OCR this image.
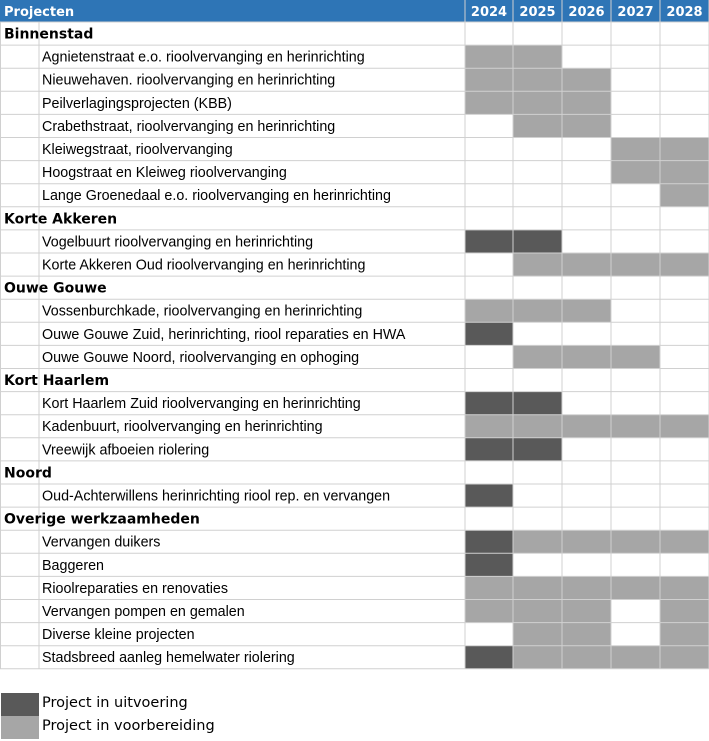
Projecten	2024 2025 2026 2027 2028
Binnenstad
Agnietenstraat e.o. rioolvervanging en herinrichting
Nieuwehaven. rioolvervanging en herinrichting
Peilverlagingsprojecten (KBB)
Crabethstraat, rioolvervanging en herinrichting
Kleiwegstraat, rioolvervanging
Hoogstraat en Kleiweg rioolvervanging
Lange Groenedaal e.o. rioolvervanging en herinrichting
Korte Akkeren
Vogelbuurt rioolvervanging en herinrichting
Korte Akkeren Oud rioolvervanging en herinrichting
Ouwe Gouwe
Vossenburchkade, rioolvervanging en herinrichting
Ouwe Gouwe Zuid, herinrichting, riool reparaties en HWA
Ouwe Gouwe Noord, rioolvervanging en ophoging
Kort Haarlem
Kort Haarlem Zuid rioolvervanging en herinrichting
Kadenbuurt, rioolvervanging en herinrichting
Vreewijk afboeien riolering
Noord
Oud-Achterwillens herinrichting riool rep. en vervangen
Overige werkzaamheden
Vervangen duikers
Baggeren
Rioolreparaties en renovaties
Vervangen pompen en gemalen
Diverse kleine projecten
Stadsbreed aanleg hemelwater riolering
Project in uitvoering
Project in voorbereiding
